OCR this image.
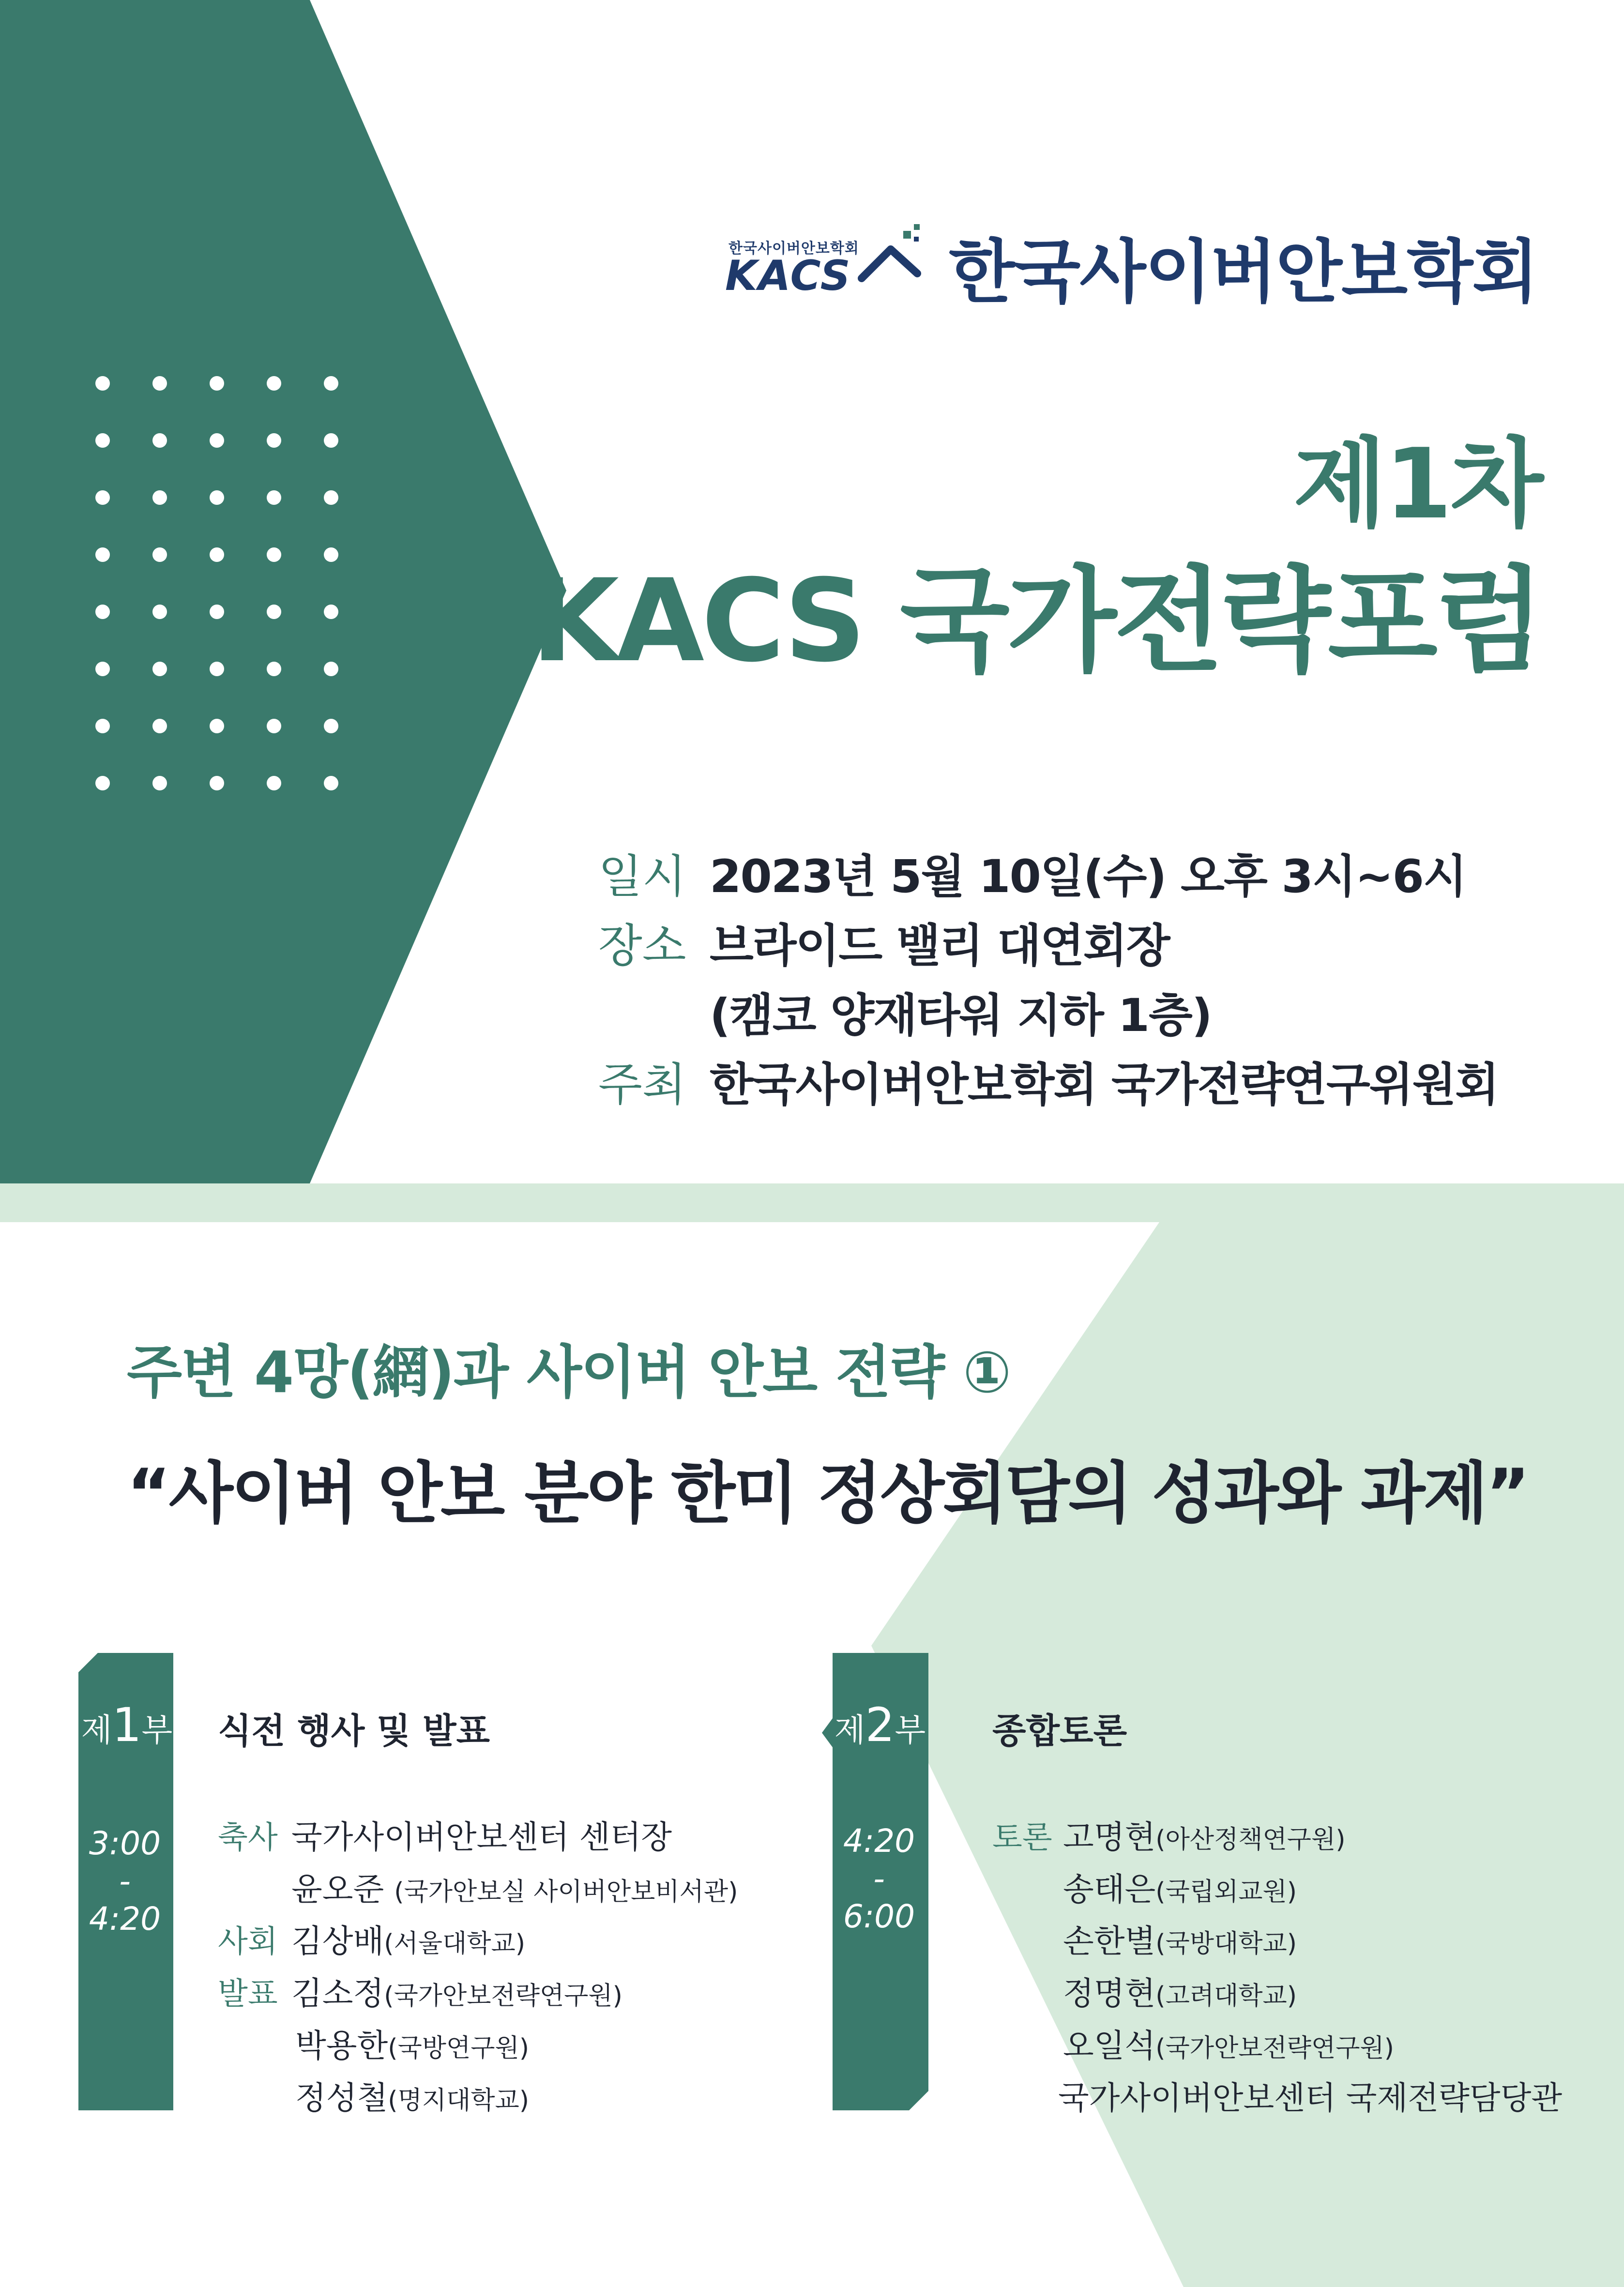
한국사이버안보학회
KACS 한국사이버안보학회
제1차
KACS 국가전략포럼
일시 2023년 5월 10일(수) 오후 3시~6시
장소 브라이드 밸리 대연회장
(캠코 양재타워 지하 1층)
주최 한국사이버안보학회 국가전략연구위원회
주변 4망(網)과 사이버 안보 전략 ①
“사이버 안보 분야 한미 정상회담의 성과와 과제”
제1부
3:00
-
4:20
식전 행사 및 발표
축사 국가사이버안보센터 센터장
윤오준 (국가안보실 사이버안보비서관)
사회 김상배(서울대학교)
발표 김소정(국가안보전략연구원)
박용한(국방연구원)
정성철(명지대학교)
제2부
4:20
-
6:00
종합토론
토론 고명현(아산정책연구원)
송태은(국립외교원)
손한별(국방대학교)
정명현(고려대학교)
오일석(국가안보전략연구원)
국가사이버안보센터 국제전략담당관
